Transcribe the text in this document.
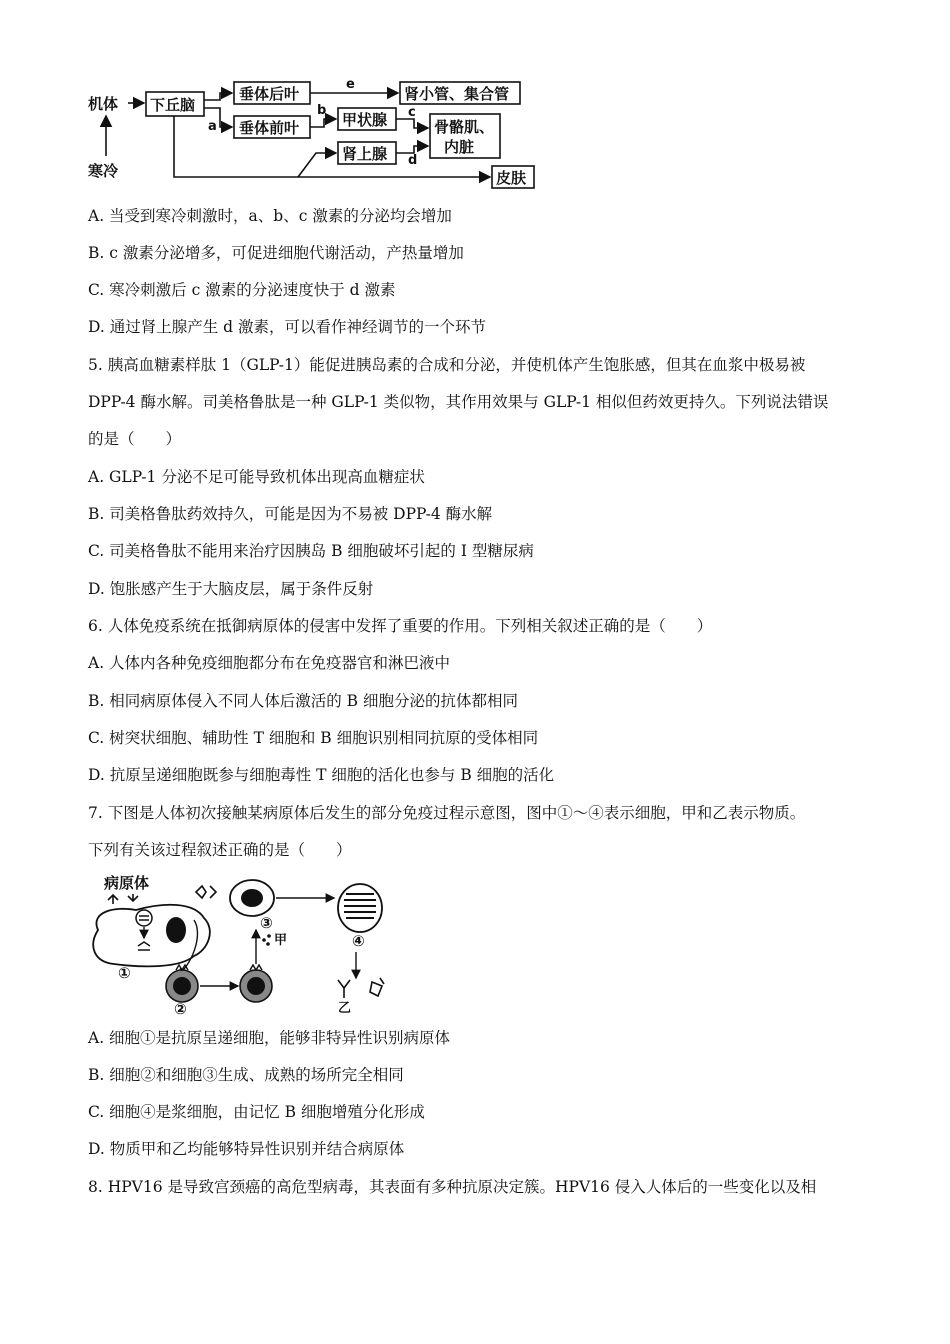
机体
寒冷
下丘脑
垂体后叶
垂体前叶
a
肾小管、集合管
e
甲状腺
b
骨骼肌、
内脏
c
肾上腺 d
皮肤
A. 当受到寒冷刺激时，a、b、c 激素的分泌均会增加
B. c 激素分泌增多，可促进细胞代谢活动，产热量增加
C. 寒冷刺激后 c 激素的分泌速度快于 d 激素
D. 通过肾上腺产生 d 激素，可以看作神经调节的一个环节
5. 胰高血糖素样肽 1（GLP-1）能促进胰岛素的合成和分泌，并使机体产生饱胀感，但其在血浆中极易被
DPP-4 酶水解。司美格鲁肽是一种 GLP-1 类似物，其作用效果与 GLP-1 相似但药效更持久。下列说法错误
的是（　　）
A. GLP-1 分泌不足可能导致机体出现高血糖症状
B. 司美格鲁肽药效持久，可能是因为不易被 DPP-4 酶水解
C. 司美格鲁肽不能用来治疗因胰岛 B 细胞破坏引起的 I 型糖尿病
D. 饱胀感产生于大脑皮层，属于条件反射
6. 人体免疫系统在抵御病原体的侵害中发挥了重要的作用。下列相关叙述正确的是（　　）
A. 人体内各种免疫细胞都分布在免疫器官和淋巴液中
B. 相同病原体侵入不同人体后激活的 B 细胞分泌的抗体都相同
C. 树突状细胞、辅助性 T 细胞和 B 细胞识别相同抗原的受体相同
D. 抗原呈递细胞既参与细胞毒性 T 细胞的活化也参与 B 细胞的活化
7. 下图是人体初次接触某病原体后发生的部分免疫过程示意图，图中①～④表示细胞，甲和乙表示物质。
下列有关该过程叙述正确的是（　　）
病原体
①
②
甲
③
④
乙
A. 细胞①是抗原呈递细胞，能够非特异性识别病原体
B. 细胞②和细胞③生成、成熟的场所完全相同
C. 细胞④是浆细胞，由记忆 B 细胞增殖分化形成
D. 物质甲和乙均能够特异性识别并结合病原体
8. HPV16 是导致宫颈癌的高危型病毒，其表面有多种抗原决定簇。HPV16 侵入人体后的一些变化以及相
